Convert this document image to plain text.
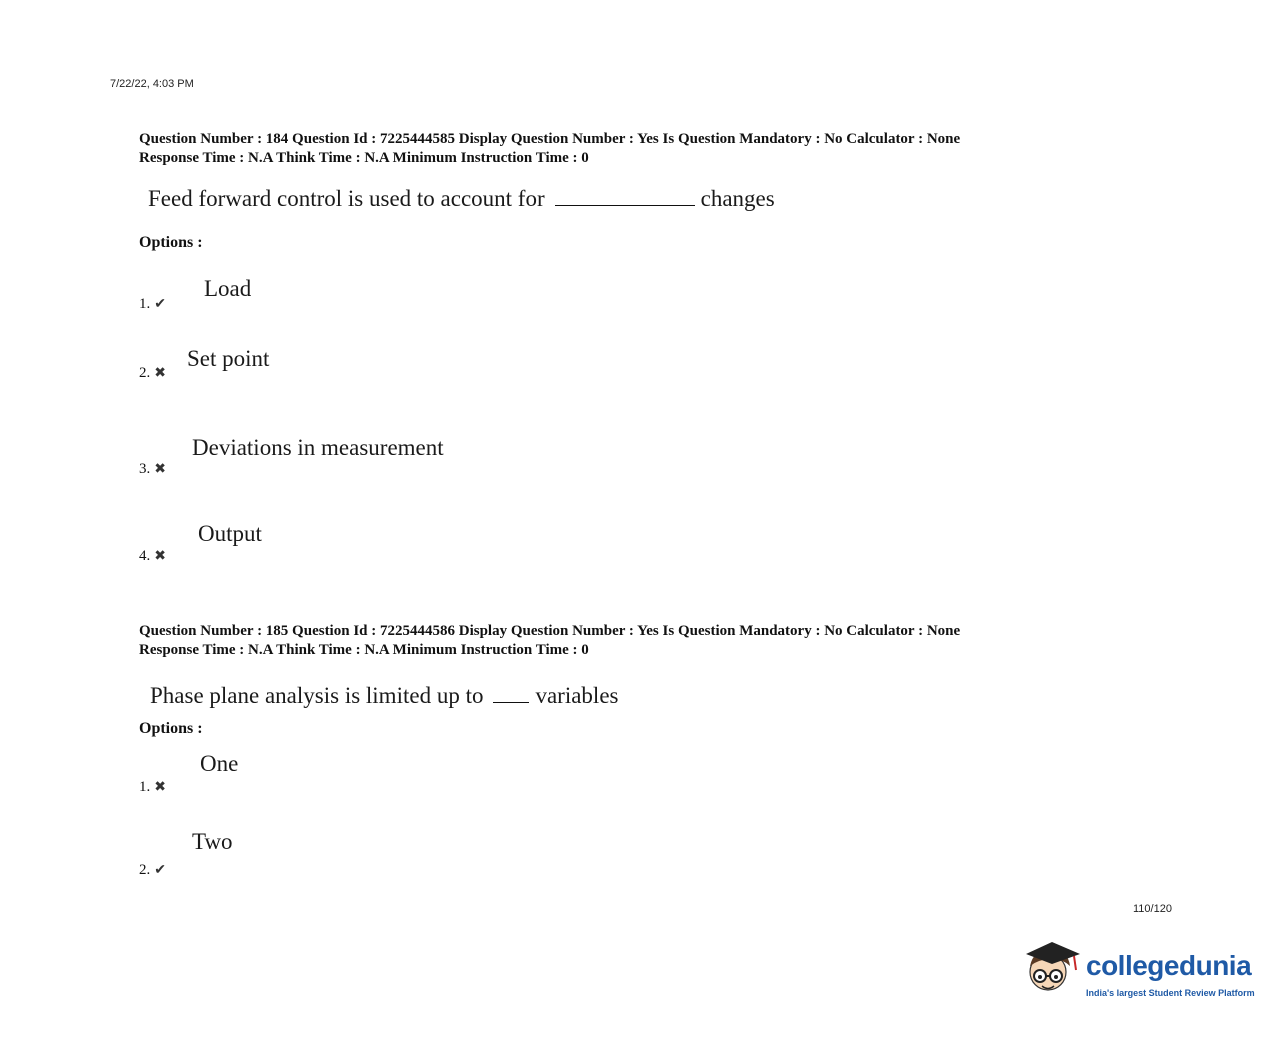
7/22/22, 4:03 PM
Question Number : 184 Question Id : 7225444585 Display Question Number : Yes Is Question Mandatory : No Calculator : None
Response Time : N.A Think Time : N.A Minimum Instruction Time : 0
Feed forward control is used to account for	changes
Options :
1. ✔
Load
2. ✖
Set point
3. ✖
Deviations in measurement
4. ✖
Output
Question Number : 185 Question Id : 7225444586 Display Question Number : Yes Is Question Mandatory : No Calculator : None
Response Time : N.A Think Time : N.A Minimum Instruction Time : 0
Phase plane analysis is limited up to variables
Options :
1. ✖
One
2. ✔
Two
110/120
collegedunia
India's largest Student Review Platform
